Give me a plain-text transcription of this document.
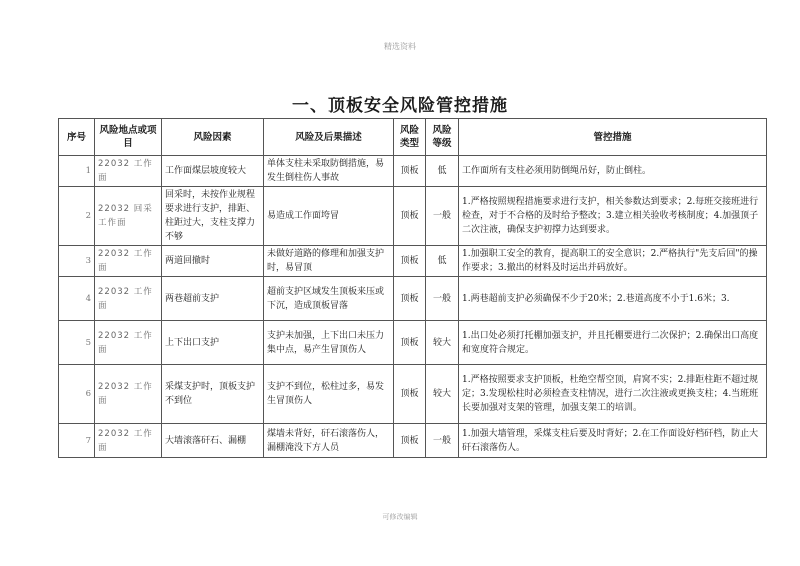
精选资料
一、顶板安全风险管控措施
序号	风险地点或项目	风险因素	风险及后果描述	风险类型	风险等级	管控措施
1	22032 工作面	工作面煤层坡度较大	单体支柱未采取防倒措施，易发生倒柱伤人事故	顶板	低	工作面所有支柱必须用防倒绳吊好，防止倒柱。
2	22032 回采工作面	回采时，未按作业规程要求进行支护，排距、柱距过大，支柱支撑力不够	易造成工作面垮冒	顶板	一般	1.严格按照规程措施要求进行支护，相关参数达到要求；2.每班交接班进行检查，对于不合格的及时给予整改；3.建立相关验收考核制度；4.加强顶子二次注液，确保支护初撑力达到要求。
3	22032 工作面	两道回撤时	未做好道路的修理和加强支护时，易冒顶	顶板	低	1.加强职工安全的教育，提高职工的安全意识；2.严格执行"先支后回"的操作要求；3.撤出的材料及时运出并码放好。
4	22032 工作面	两巷超前支护	超前支护区域发生顶板来压或下沉，造成顶板冒落	顶板	一般	1.两巷超前支护必须确保不少于20米；2.巷道高度不小于1.6米；3.
5	22032 工作面	上下出口支护	支护未加强，上下出口未压力集中点，易产生冒顶伤人	顶板	较大	1.出口处必须打托棚加强支护，并且托棚要进行二次保护；2.确保出口高度和宽度符合规定。
6	22032 工作面	采煤支护时，顶板支护不到位	支护不到位，松柱过多，易发生冒顶伤人	顶板	较大	1.严格按照要求支护顶板，杜绝空帮空顶，肩窝不实；2.排距柱距不超过规定；3.发现松柱时必须检查支柱情况，进行二次注液或更换支柱；4.当班班长要加强对支架的管理，加强支架工的培训。
7	22032 工作面	大墙滚落矸石、漏棚	煤墙未背好，矸石滚落伤人，漏棚淹没下方人员	顶板	一般	1.加强大墙管理，采煤支柱后要及时背好；2.在工作面设好档矸档，防止大矸石滚落伤人。
可修改编辑
